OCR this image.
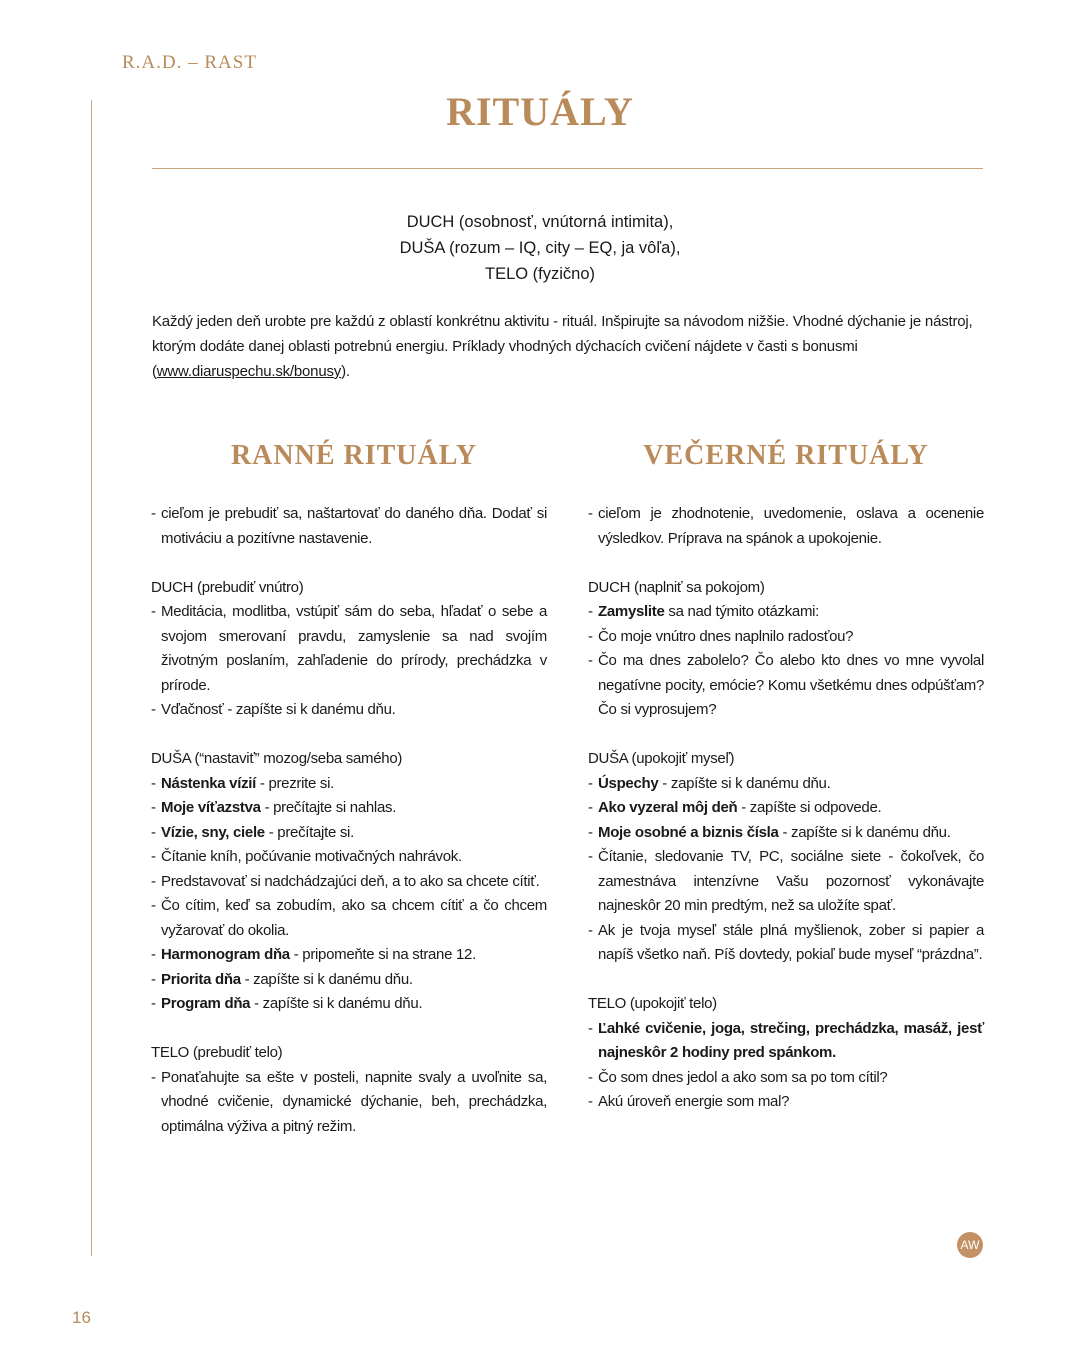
R.A.D. – RAST
RITUÁLY
DUCH (osobnosť, vnútorná intimita),
DUŠA (rozum – IQ, city – EQ, ja vôľa),
TELO (fyzično)
Každý jeden deň urobte pre každú z oblastí konkrétnu aktivitu - rituál. Inšpirujte sa návodom nižšie. Vhodné dýchanie je nástroj, ktorým dodáte danej oblasti potrebnú energiu. Príklady vhodných dýchacích cvičení nájdete v časti s bonusmi (www.diaruspechu.sk/bonusy).
RANNÉ RITUÁLY
- cieľom je prebudiť sa, naštartovať do daného dňa. Dodať si motiváciu a pozitívne nastavenie.
DUCH (prebudiť vnútro)
- Meditácia, modlitba, vstúpiť sám do seba, hľadať o sebe a svojom smerovaní pravdu, zamyslenie sa nad svojím životným poslaním, zahľadenie do prírody, prechádzka v prírode.
- Vďačnosť - zapíšte si k danému dňu.
DUŠA (“nastaviť” mozog/seba samého)
- Nástenka vízií - prezrite si.
- Moje víťazstva - prečítajte si nahlas.
- Vízie, sny, ciele - prečítajte si.
- Čítanie kníh, počúvanie motivačných nahrávok.
- Predstavovať si nadchádzajúci deň, a to ako sa chcete cítiť.
- Čo cítim, keď sa zobudím, ako sa chcem cítiť a čo chcem vyžarovať do okolia.
- Harmonogram dňa - pripomeňte si na strane 12.
- Priorita dňa - zapíšte si k danému dňu.
- Program dňa - zapíšte si k danému dňu.
TELO (prebudiť telo)
- Ponaťahujte sa ešte v posteli, napnite svaly a uvoľnite sa, vhodné cvičenie, dynamické dýchanie, beh, prechádzka, optimálna výživa a pitný režim.
VEČERNÉ RITUÁLY
- cieľom je zhodnotenie, uvedomenie, oslava a ocenenie výsledkov. Príprava na spánok a upokojenie.
DUCH (naplniť sa pokojom)
- Zamyslite sa nad týmito otázkami:
- Čo moje vnútro dnes naplnilo radosťou?
- Čo ma dnes zabolelo? Čo alebo kto dnes vo mne vyvolal negatívne pocity, emócie? Komu všetkému dnes odpúšťam? Čo si vyprosujem?
DUŠA (upokojiť myseľ)
- Úspechy - zapíšte si k danému dňu.
- Ako vyzeral môj deň - zapíšte si odpovede.
- Moje osobné a biznis čísla - zapíšte si k danému dňu.
- Čítanie, sledovanie TV, PC, sociálne siete - čokoľvek, čo zamestnáva intenzívne Vašu pozornosť vykonávajte najneskôr 20 min predtým, než sa uložíte spať.
- Ak je tvoja myseľ stále plná myšlienok, zober si papier a napíš všetko naň. Píš dovtedy, pokiaľ bude myseľ “prázdna”.
TELO (upokojiť telo)
- Ľahké cvičenie, joga, strečing, prechádzka, masáž, jesť najneskôr 2 hodiny pred spánkom.
- Čo som dnes jedol a ako som sa po tom cítil?
- Akú úroveň energie som mal?
AW
16
